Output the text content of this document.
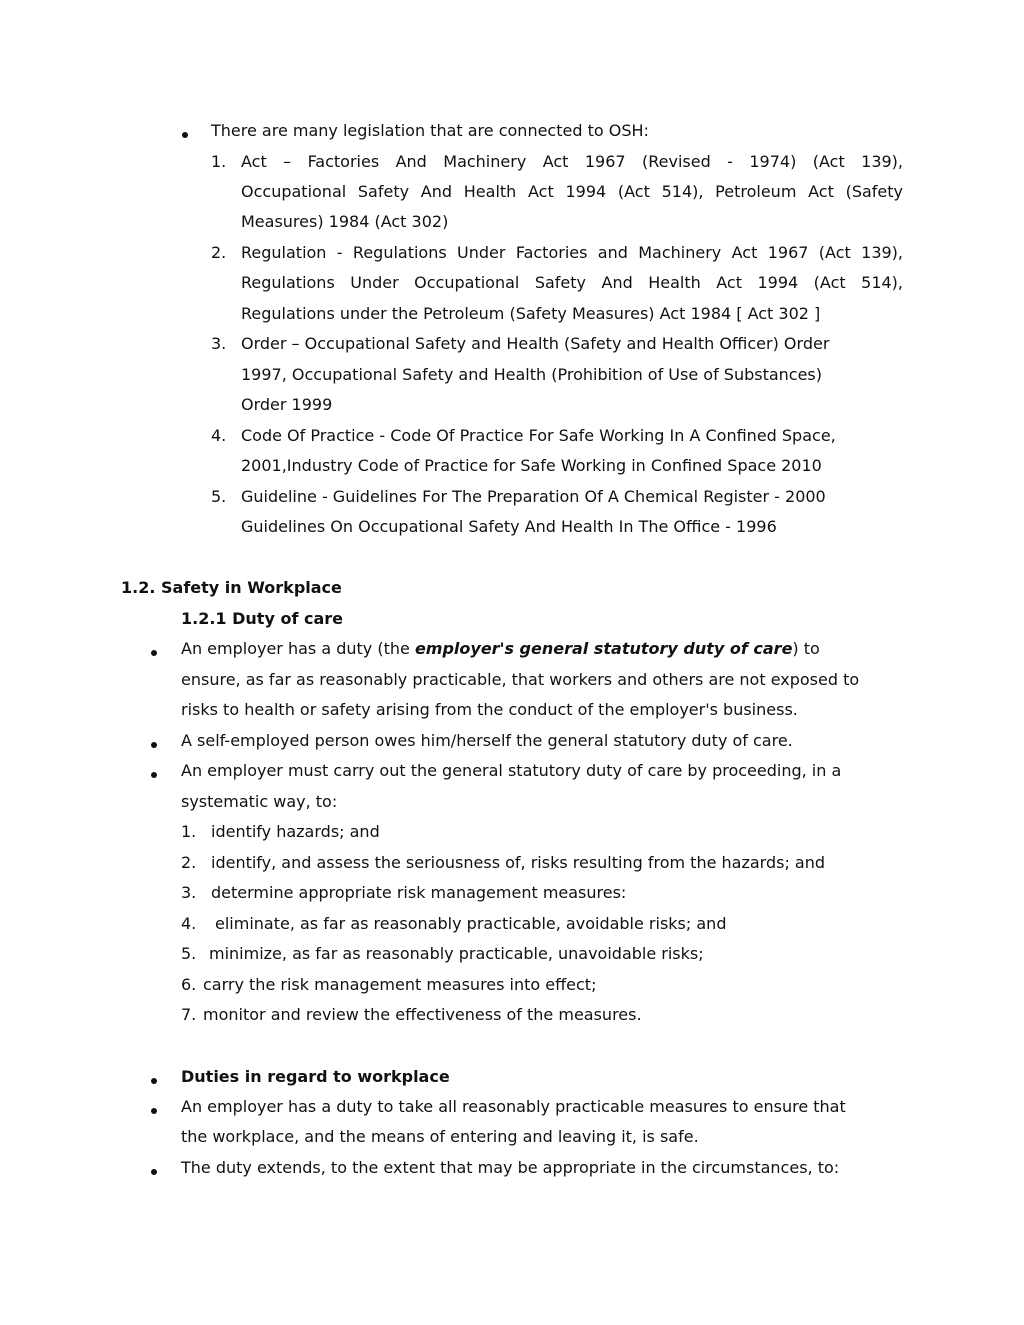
There are many legislation that are connected to OSH:
1. Act – Factories And Machinery Act 1967 (Revised - 1974) (Act 139),
Occupational Safety And Health Act 1994 (Act 514), Petroleum Act (Safety
Measures) 1984 (Act 302)
2. Regulation - Regulations Under Factories and Machinery Act 1967 (Act 139),
Regulations Under Occupational Safety And Health Act 1994 (Act 514),
Regulations under the Petroleum (Safety Measures) Act 1984 [ Act 302 ]
3. Order – Occupational Safety and Health (Safety and Health Officer) Order
1997, Occupational Safety and Health (Prohibition of Use of Substances)
Order 1999
4. Code Of Practice - Code Of Practice For Safe Working In A Confined Space,
2001,Industry Code of Practice for Safe Working in Confined Space 2010
5. Guideline - Guidelines For The Preparation Of A Chemical Register - 2000
Guidelines On Occupational Safety And Health In The Office - 1996
1.2. Safety in Workplace
1.2.1 Duty of care
An employer has a duty (the employer's general statutory duty of care) to
ensure, as far as reasonably practicable, that workers and others are not exposed to
risks to health or safety arising from the conduct of the employer's business.
A self-employed person owes him/herself the general statutory duty of care.
An employer must carry out the general statutory duty of care by proceeding, in a
systematic way, to:
1. identify hazards; and
2. identify, and assess the seriousness of, risks resulting from the hazards; and
3. determine appropriate risk management measures:
4. eliminate, as far as reasonably practicable, avoidable risks; and
5. minimize, as far as reasonably practicable, unavoidable risks;
6. carry the risk management measures into effect;
7. monitor and review the effectiveness of the measures.
Duties in regard to workplace
An employer has a duty to take all reasonably practicable measures to ensure that
the workplace, and the means of entering and leaving it, is safe.
The duty extends, to the extent that may be appropriate in the circumstances, to:
